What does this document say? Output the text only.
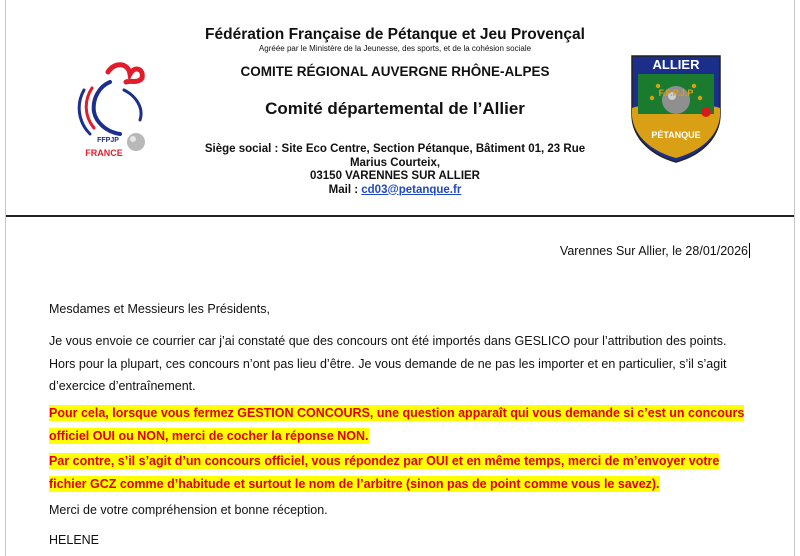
FFPJP
FRANCE
ALLIER
F.F.P.J.P
PÉTANQUE
Fédération Française de Pétanque et Jeu Provençal
Agréée par le Ministère de la Jeunesse, des sports, et de la cohésion sociale
COMITE RÉGIONAL AUVERGNE RHÔNE-ALPES
Comité départemental de l’Allier
Siège social : Site Eco Centre, Section Pétanque, Bâtiment 01, 23 Rue
Marius Courteix,
03150 VARENNES SUR ALLIER
Mail : cd03@petanque.fr
Varennes Sur Allier, le 28/01/2026
Mesdames et Messieurs les Présidents,
Je vous envoie ce courrier car j’ai constaté que des concours ont été importés dans GESLICO pour l’attribution des points. Hors pour la plupart, ces concours n’ont pas lieu d’être. Je vous demande de ne pas les importer et en particulier, s’il s’agit d’exercice d’entraînement.
Pour cela, lorsque vous fermez GESTION CONCOURS, une question apparaît qui vous demande si c’est un concours officiel OUI ou NON, merci de cocher la réponse NON.
Par contre, s’il s’agit d’un concours officiel, vous répondez par OUI et en même temps, merci de m’envoyer votre fichier GCZ comme d’habitude et surtout le nom de l’arbitre (sinon pas de point comme vous le savez).
Merci de votre compréhension et bonne réception.
HELENE
